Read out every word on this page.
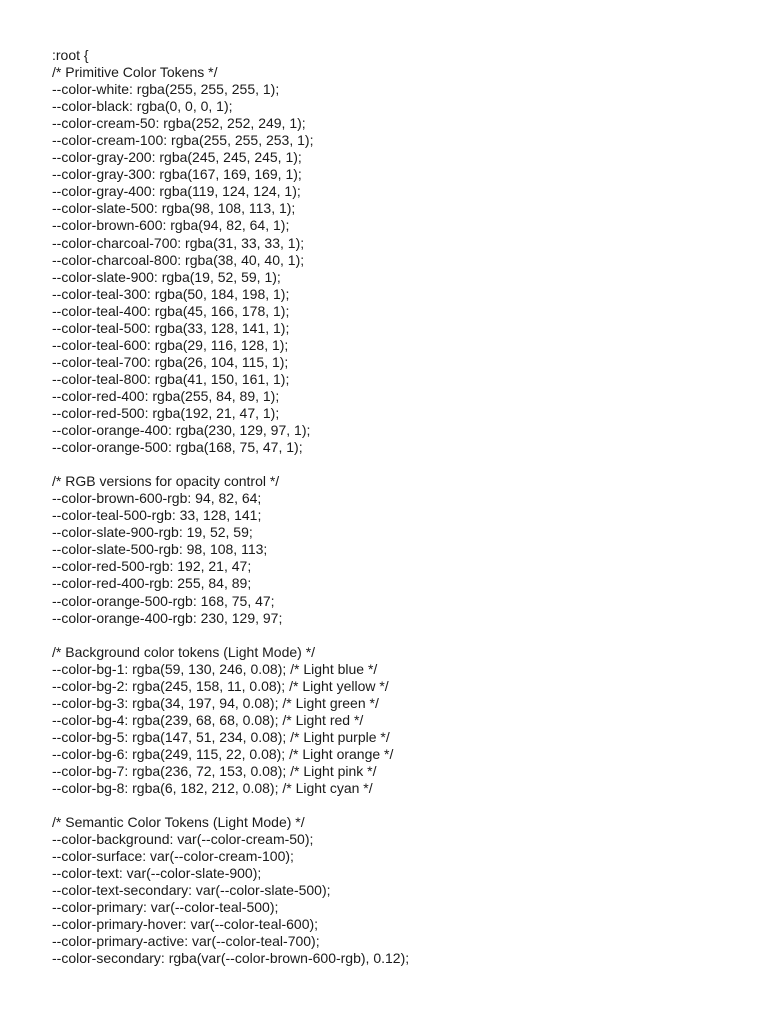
:root {
/* Primitive Color Tokens */
--color-white: rgba(255, 255, 255, 1);
--color-black: rgba(0, 0, 0, 1);
--color-cream-50: rgba(252, 252, 249, 1);
--color-cream-100: rgba(255, 255, 253, 1);
--color-gray-200: rgba(245, 245, 245, 1);
--color-gray-300: rgba(167, 169, 169, 1);
--color-gray-400: rgba(119, 124, 124, 1);
--color-slate-500: rgba(98, 108, 113, 1);
--color-brown-600: rgba(94, 82, 64, 1);
--color-charcoal-700: rgba(31, 33, 33, 1);
--color-charcoal-800: rgba(38, 40, 40, 1);
--color-slate-900: rgba(19, 52, 59, 1);
--color-teal-300: rgba(50, 184, 198, 1);
--color-teal-400: rgba(45, 166, 178, 1);
--color-teal-500: rgba(33, 128, 141, 1);
--color-teal-600: rgba(29, 116, 128, 1);
--color-teal-700: rgba(26, 104, 115, 1);
--color-teal-800: rgba(41, 150, 161, 1);
--color-red-400: rgba(255, 84, 89, 1);
--color-red-500: rgba(192, 21, 47, 1);
--color-orange-400: rgba(230, 129, 97, 1);
--color-orange-500: rgba(168, 75, 47, 1);
/* RGB versions for opacity control */
--color-brown-600-rgb: 94, 82, 64;
--color-teal-500-rgb: 33, 128, 141;
--color-slate-900-rgb: 19, 52, 59;
--color-slate-500-rgb: 98, 108, 113;
--color-red-500-rgb: 192, 21, 47;
--color-red-400-rgb: 255, 84, 89;
--color-orange-500-rgb: 168, 75, 47;
--color-orange-400-rgb: 230, 129, 97;
/* Background color tokens (Light Mode) */
--color-bg-1: rgba(59, 130, 246, 0.08); /* Light blue */
--color-bg-2: rgba(245, 158, 11, 0.08); /* Light yellow */
--color-bg-3: rgba(34, 197, 94, 0.08); /* Light green */
--color-bg-4: rgba(239, 68, 68, 0.08); /* Light red */
--color-bg-5: rgba(147, 51, 234, 0.08); /* Light purple */
--color-bg-6: rgba(249, 115, 22, 0.08); /* Light orange */
--color-bg-7: rgba(236, 72, 153, 0.08); /* Light pink */
--color-bg-8: rgba(6, 182, 212, 0.08); /* Light cyan */
/* Semantic Color Tokens (Light Mode) */
--color-background: var(--color-cream-50);
--color-surface: var(--color-cream-100);
--color-text: var(--color-slate-900);
--color-text-secondary: var(--color-slate-500);
--color-primary: var(--color-teal-500);
--color-primary-hover: var(--color-teal-600);
--color-primary-active: var(--color-teal-700);
--color-secondary: rgba(var(--color-brown-600-rgb), 0.12);
